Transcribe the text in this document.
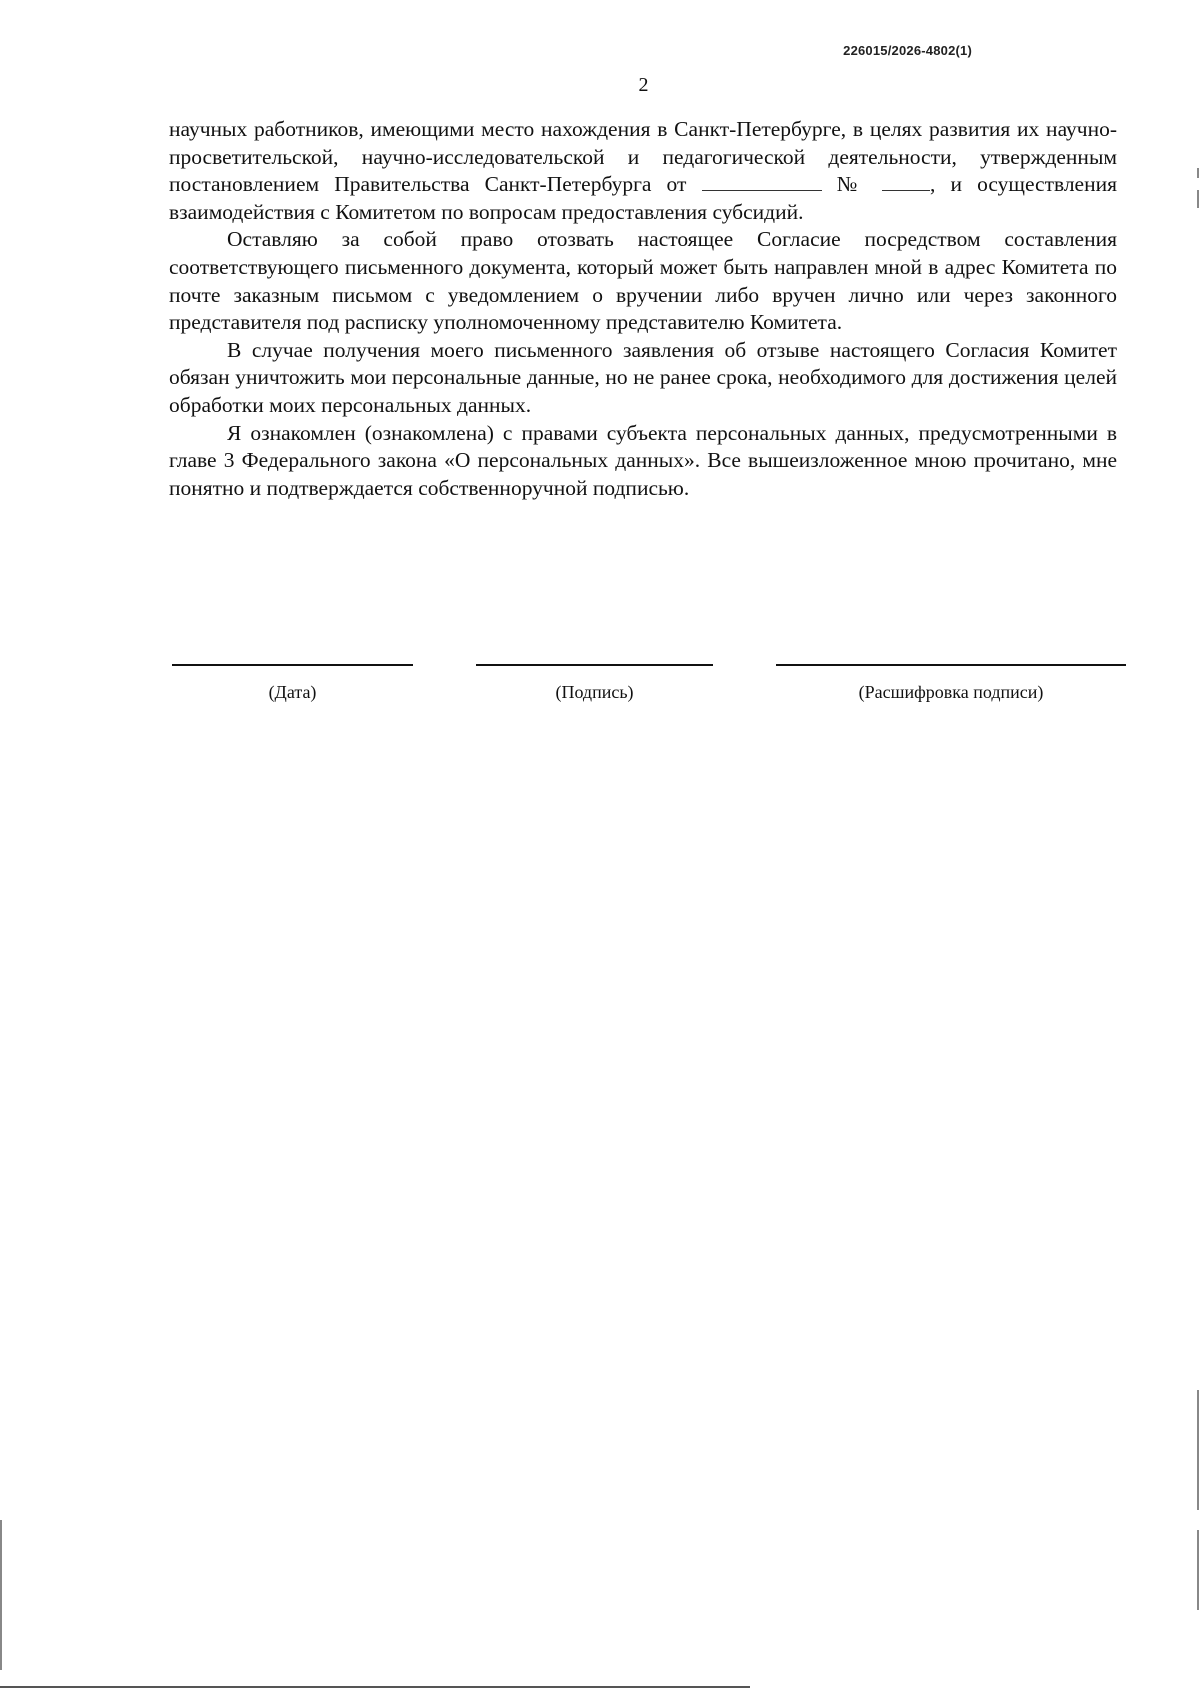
226015/2026-4802(1)
2

научных работников, имеющими место нахождения в Санкт-Петербурге, в целях развития их научно-просветительской, научно-исследовательской и педагогической деятельности, утвержденным постановлением Правительства Санкт-Петербурга от	№ , и осуществления взаимодействия с Комитетом по вопросам предоставления субсидий.

Оставляю за собой право отозвать настоящее Согласие посредством составления соответствующего письменного документа, который может быть направлен мной в адрес Комитета по почте заказным письмом с уведомлением о вручении либо вручен лично или через законного представителя под расписку уполномоченному представителю Комитета.

В случае получения моего письменного заявления об отзыве настоящего Согласия Комитет обязан уничтожить мои персональные данные, но не ранее срока, необходимого для достижения целей обработки моих персональных данных.

Я ознакомлен (ознакомлена) с правами субъекта персональных данных, предусмотренными в главе 3 Федерального закона «О персональных данных». Все вышеизложенное мною прочитано, мне понятно и подтверждается собственноручной подписью.

(Дата)	(Подпись)	(Расшифровка подписи)
